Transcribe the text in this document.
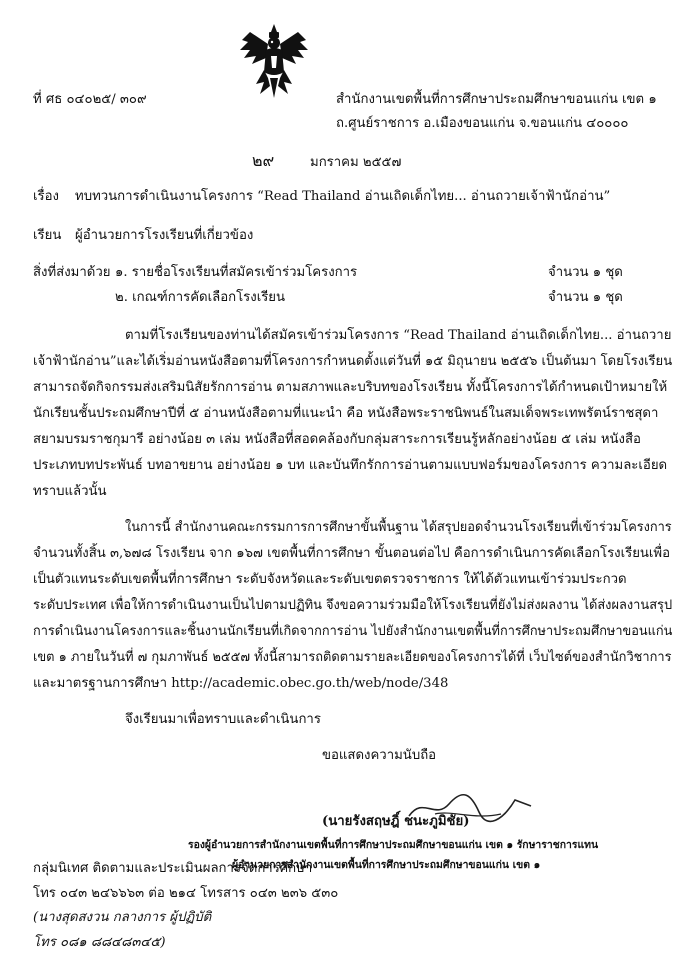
ที่ ศธ ๐๔๐๒๕/ ๓๐๙	สำนักงานเขตพื้นที่การศึกษาประถมศึกษาขอนแก่น เขต ๑
ถ.ศูนย์ราชการ อ.เมืองขอนแก่น จ.ขอนแก่น ๔๐๐๐๐
๒๙	มกราคม ๒๕๕๗
เรื่อง ทบทวนการดำเนินงานโครงการ “Read Thailand อ่านเถิดเด็กไทย... อ่านถวายเจ้าฟ้านักอ่าน”
เรียน ผู้อำนวยการโรงเรียนที่เกี่ยวข้อง
สิ่งที่ส่งมาด้วย ๑. รายชื่อโรงเรียนที่สมัครเข้าร่วมโครงการ	จำนวน ๑ ชุด
๒. เกณฑ์การคัดเลือกโรงเรียน	จำนวน ๑ ชุด
ตามที่โรงเรียนของท่านได้สมัครเข้าร่วมโครงการ “Read Thailand อ่านเถิดเด็กไทย... อ่านถวาย
เจ้าฟ้านักอ่าน”และได้เริ่มอ่านหนังสือตามที่โครงการกำหนดตั้งแต่วันที่ ๑๕ มิถุนายน ๒๕๕๖ เป็นต้นมา โดยโรงเรียน
สามารถจัดกิจกรรมส่งเสริมนิสัยรักการอ่าน ตามสภาพและบริบทของโรงเรียน ทั้งนี้โครงการได้กำหนดเป้าหมายให้
นักเรียนชั้นประถมศึกษาปีที่ ๕ อ่านหนังสือตามที่แนะนำ คือ หนังสือพระราชนิพนธ์ในสมเด็จพระเทพรัตน์ราชสุดา
สยามบรมราชกุมารี อย่างน้อย ๓ เล่ม หนังสือที่สอดคล้องกับกลุ่มสาระการเรียนรู้หลักอย่างน้อย ๕ เล่ม หนังสือ
ประเภทบทประพันธ์ บทอาขยาน อย่างน้อย ๑ บท และบันทึกรักการอ่านตามแบบฟอร์มของโครงการ ความละเอียด
ทราบแล้วนั้น
ในการนี้ สำนักงานคณะกรรมการการศึกษาขั้นพื้นฐาน ได้สรุปยอดจำนวนโรงเรียนที่เข้าร่วมโครงการ
จำนวนทั้งสิ้น ๓,๖๗๘ โรงเรียน จาก ๑๖๗ เขตพื้นที่การศึกษา ขั้นตอนต่อไป คือการดำเนินการคัดเลือกโรงเรียนเพื่อ
เป็นตัวแทนระดับเขตพื้นที่การศึกษา ระดับจังหวัดและระดับเขตตรวจราชการ ให้ได้ตัวแทนเข้าร่วมประกวด
ระดับประเทศ เพื่อให้การดำเนินงานเป็นไปตามปฏิทิน จึงขอความร่วมมือให้โรงเรียนที่ยังไม่ส่งผลงาน ได้ส่งผลงานสรุป
การดำเนินงานโครงการและชิ้นงานนักเรียนที่เกิดจากการอ่าน ไปยังสำนักงานเขตพื้นที่การศึกษาประถมศึกษาขอนแก่น
เขต ๑ ภายในวันที่ ๗ กุมภาพันธ์ ๒๕๕๗ ทั้งนี้สามารถติดตามรายละเอียดของโครงการได้ที่ เว็บไซต์ของสำนักวิชาการ
และมาตรฐานการศึกษา http://academic.obec.go.th/web/node/348
จึงเรียนมาเพื่อทราบและดำเนินการ
ขอแสดงความนับถือ
(นายรังสฤษฎิ์ ชนะภูมิชัย)
รองผู้อำนวยการสำนักงานเขตพื้นที่การศึกษาประถมศึกษาขอนแก่น เขต ๑ รักษาราชการแทน
ผู้อำนวยการสำนักงานเขตพื้นที่การศึกษาประถมศึกษาขอนแก่น เขต ๑
กลุ่มนิเทศ ติดตามและประเมินผลการจัดการศึกษา
โทร ๐๔๓ ๒๔๖๖๖๓ ต่อ ๒๑๔ โทรสาร ๐๔๓ ๒๓๖ ๕๓๐
(นางสุดสงวน กลางการ ผู้ปฏิบัติ
โทร ๐๘๑ ๘๘๔๘๓๔๕)
